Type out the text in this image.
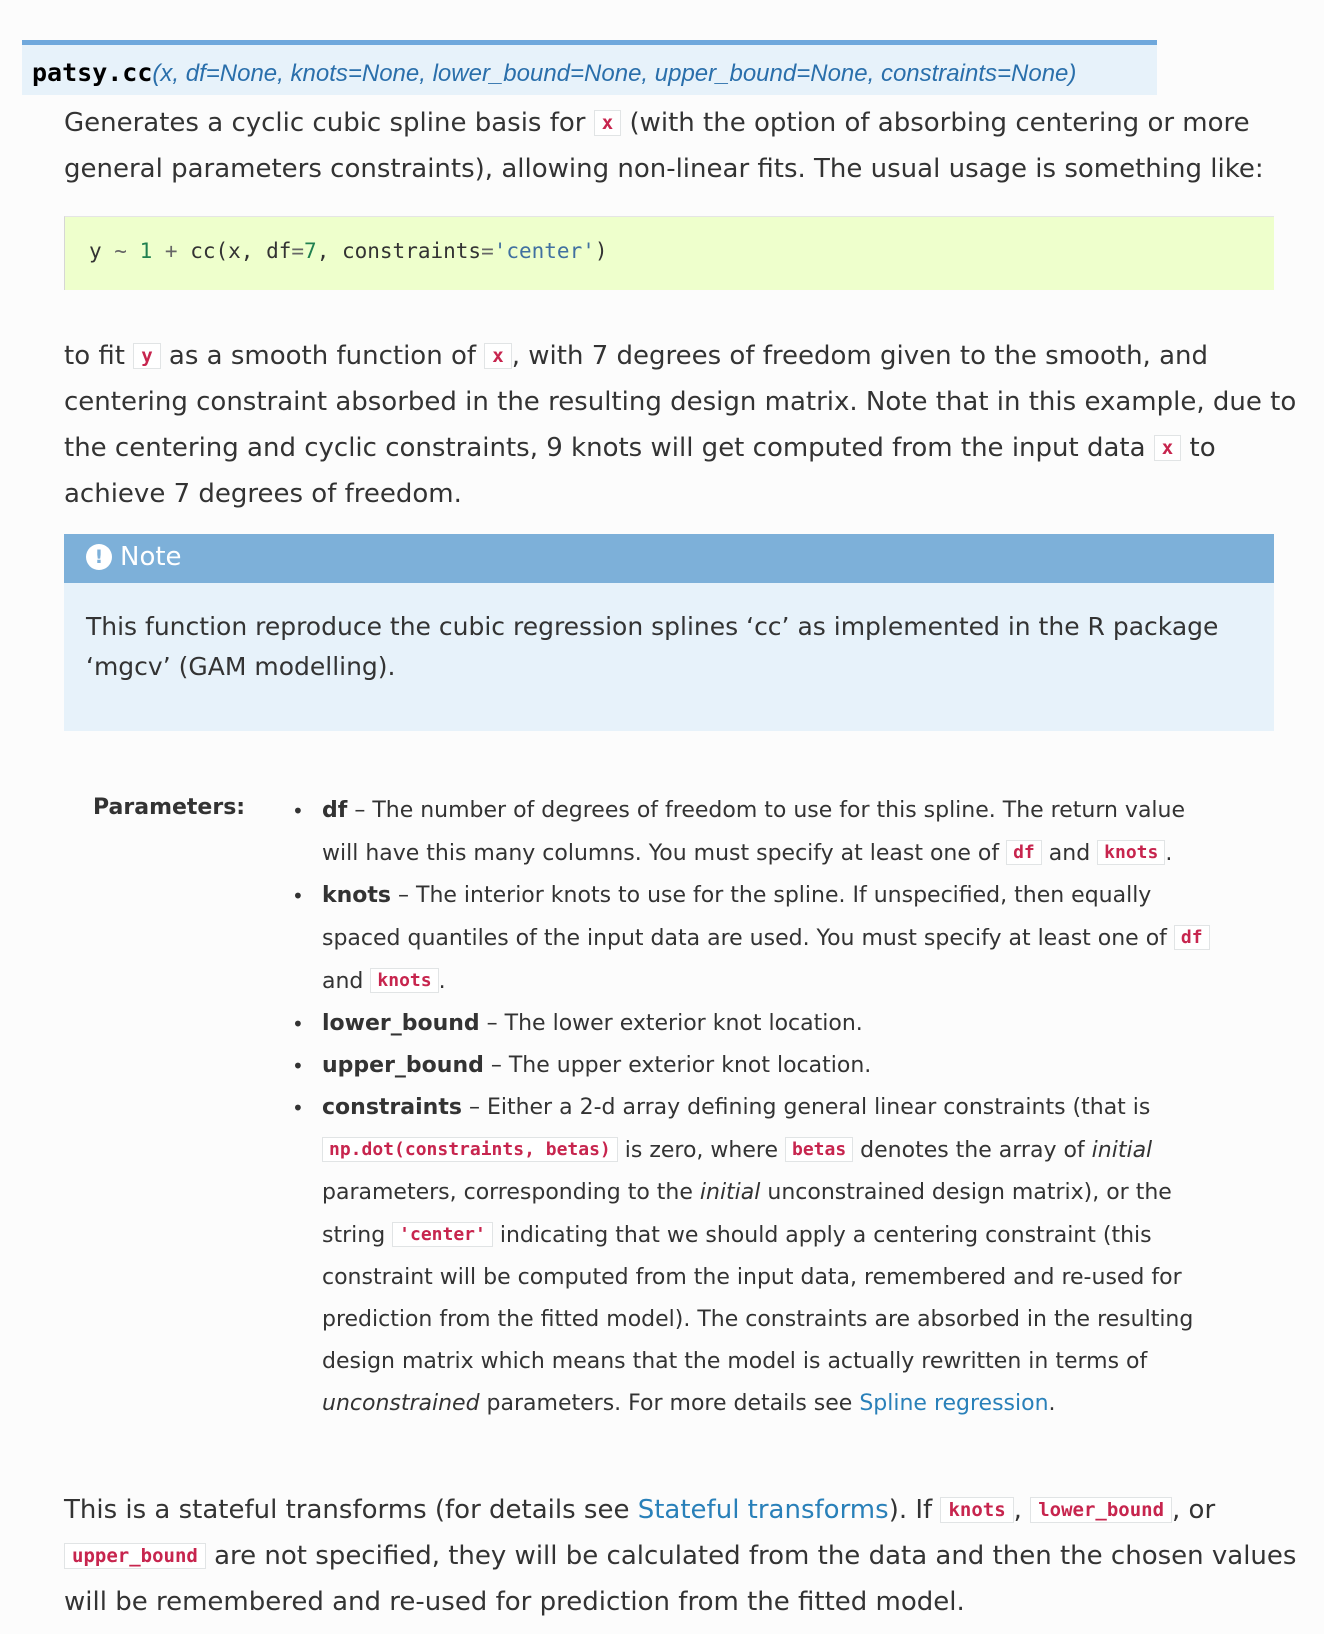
patsy.cc(x, df=None, knots=None, lower_bound=None, upper_bound=None, constraints=None)
Generates a cyclic cubic spline basis for x (with the option of absorbing centering or more
general parameters constraints), allowing non-linear fits. The usual usage is something like:
y ~ 1 + cc(x, df=7, constraints='center')
to fit y as a smooth function of x , with 7 degrees of freedom given to the smooth, and
centering constraint absorbed in the resulting design matrix. Note that in this example, due to
the centering and cyclic constraints, 9 knots will get computed from the input data x to
achieve 7 degrees of freedom.
! Note
This function reproduce the cubic regression splines ‘cc’ as implemented in the R package
‘mgcv’ (GAM modelling).
Parameters: • df – The number of degrees of freedom to use for this spline. The return value
will have this many columns. You must specify at least one of df and knots .
• knots – The interior knots to use for the spline. If unspecified, then equally
spaced quantiles of the input data are used. You must specify at least one of df
and knots .
• lower_bound – The lower exterior knot location.
• upper_bound – The upper exterior knot location.
• constraints – Either a 2-d array defining general linear constraints (that is
np.dot(constraints, betas) is zero, where betas denotes the array of initial
parameters, corresponding to the initial unconstrained design matrix), or the
string 'center' indicating that we should apply a centering constraint (this
constraint will be computed from the input data, remembered and re-used for
prediction from the fitted model). The constraints are absorbed in the resulting
design matrix which means that the model is actually rewritten in terms of
unconstrained parameters. For more details see Spline regression.
This is a stateful transforms (for details see Stateful transforms). If knots , lower_bound , or
upper_bound are not specified, they will be calculated from the data and then the chosen values
will be remembered and re-used for prediction from the fitted model.
